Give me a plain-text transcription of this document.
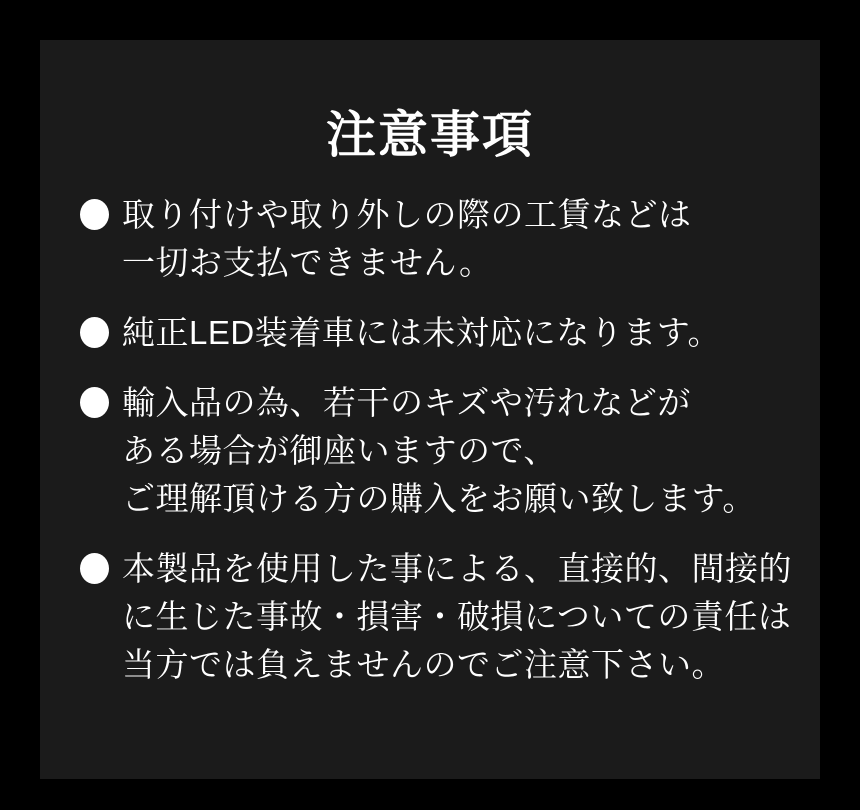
注意事項
取り付けや取り外しの際の工賃などは
一切お支払できません。
純正LED装着車には未対応になります。
輸入品の為、若干のキズや汚れなどが
ある場合が御座いますので、
ご理解頂ける方の購入をお願い致します。
本製品を使用した事による、直接的、間接的
に生じた事故・損害・破損についての責任は
当方では負えませんのでご注意下さい。
